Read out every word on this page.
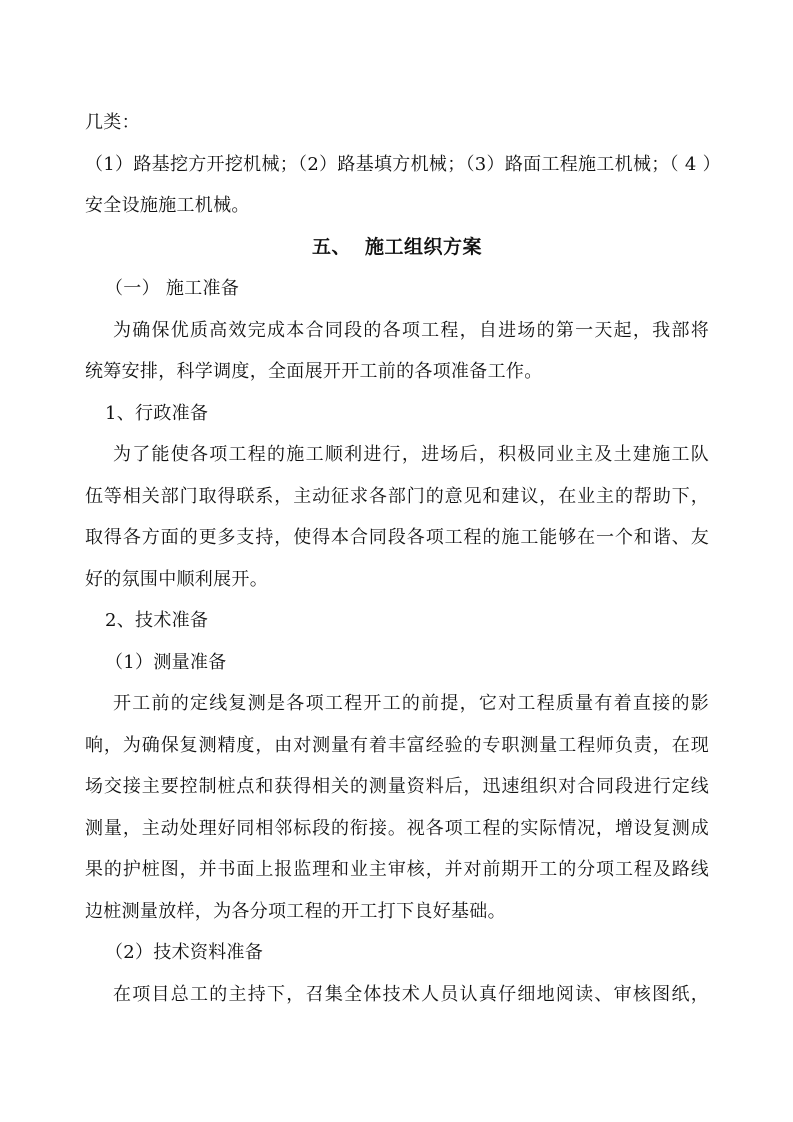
几类：
（1）路基挖方开挖机械；（2）路基填方机械；（3）路面工程施工机械；（ 4 ）
安全设施施工机械。
五、 施工组织方案
（一） 施工准备
为确保优质高效完成本合同段的各项工程，自进场的第一天起，我部将
统筹安排，科学调度，全面展开开工前的各项准备工作。
1、行政准备
为了能使各项工程的施工顺利进行，进场后，积极同业主及土建施工队
伍等相关部门取得联系，主动征求各部门的意见和建议，在业主的帮助下，
取得各方面的更多支持，使得本合同段各项工程的施工能够在一个和谐、友
好的氛围中顺利展开。
2、技术准备
（1）测量准备
开工前的定线复测是各项工程开工的前提，它对工程质量有着直接的影
响，为确保复测精度，由对测量有着丰富经验的专职测量工程师负责，在现
场交接主要控制桩点和获得相关的测量资料后，迅速组织对合同段进行定线
测量，主动处理好同相邻标段的衔接。视各项工程的实际情况，增设复测成
果的护桩图，并书面上报监理和业主审核，并对前期开工的分项工程及路线
边桩测量放样，为各分项工程的开工打下良好基础。
（2）技术资料准备
在项目总工的主持下，召集全体技术人员认真仔细地阅读、审核图纸，
